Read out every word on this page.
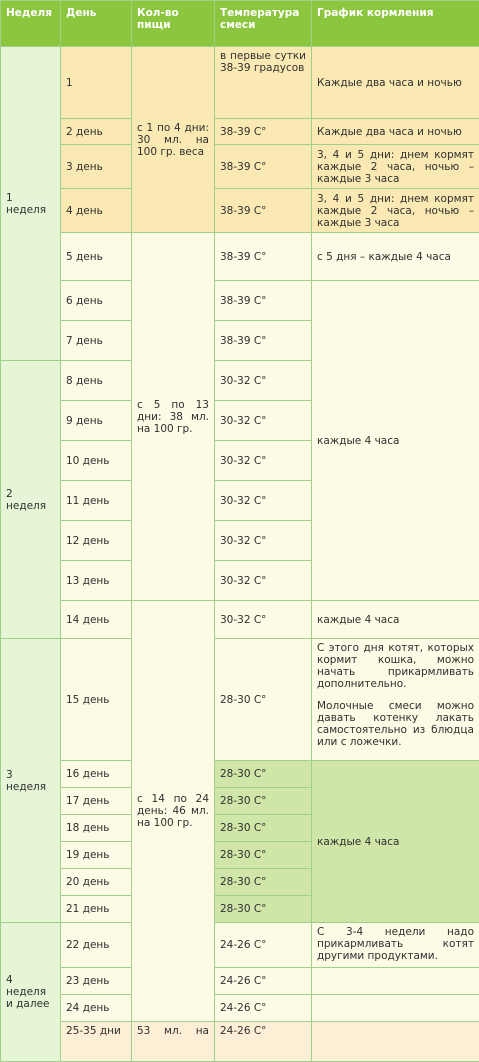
Неделя	День	Кол-во пищи	Температура смеси	График кормления
1 неделя	1	с 1 по 4 дни: 30 мл. на 100 гр. веса	в первые сутки 38-39 градусов	Каждые два часа и ночью
	2 день		38-39 С°	Каждые два часа и ночью
	3 день		38-39 С°	3, 4 и 5 дни: днем кормят каждые 2 часа, ночью – каждые 3 часа
	4 день		38-39 С°	3, 4 и 5 дни: днем кормят каждые 2 часа, ночью – каждые 3 часа
	5 день	с 5 по 13 дни: 38 мл. на 100 гр.	38-39 С°	с 5 дня – каждые 4 часа
	6 день		38-39 С°	каждые 4 часа
	7 день		38-39 С°	
2 неделя	8 день		30-32 С°	
	9 день		30-32 С°	
	10 день		30-32 С°	
	11 день		30-32 С°	
	12 день		30-32 С°	
	13 день		30-32 С°	
	14 день	с 14 по 24 день: 46 мл. на 100 гр.	30-32 С°	каждые 4 часа
3 неделя	15 день		28-30 С°	С этого дня котят, которых кормит кошка, можно начать прикармливать дополнительно.

Молочные смеси можно давать котенку лакать самостоятельно из блюдца или с ложечки.

	16 день		28-30 С°	каждые 4 часа
	17 день		28-30 С°	
	18 день		28-30 С°	
	19 день		28-30 С°	
	20 день		28-30 С°	
	21 день		28-30 С°	
4 неделя и далее	22 день		24-26 С°	С 3-4 недели надо прикармливать котят другими продуктами.
	23 день		24-26 С°	
	24 день		24-26 С°	
	25-35 дни	53 мл. на	24-26 С°	
